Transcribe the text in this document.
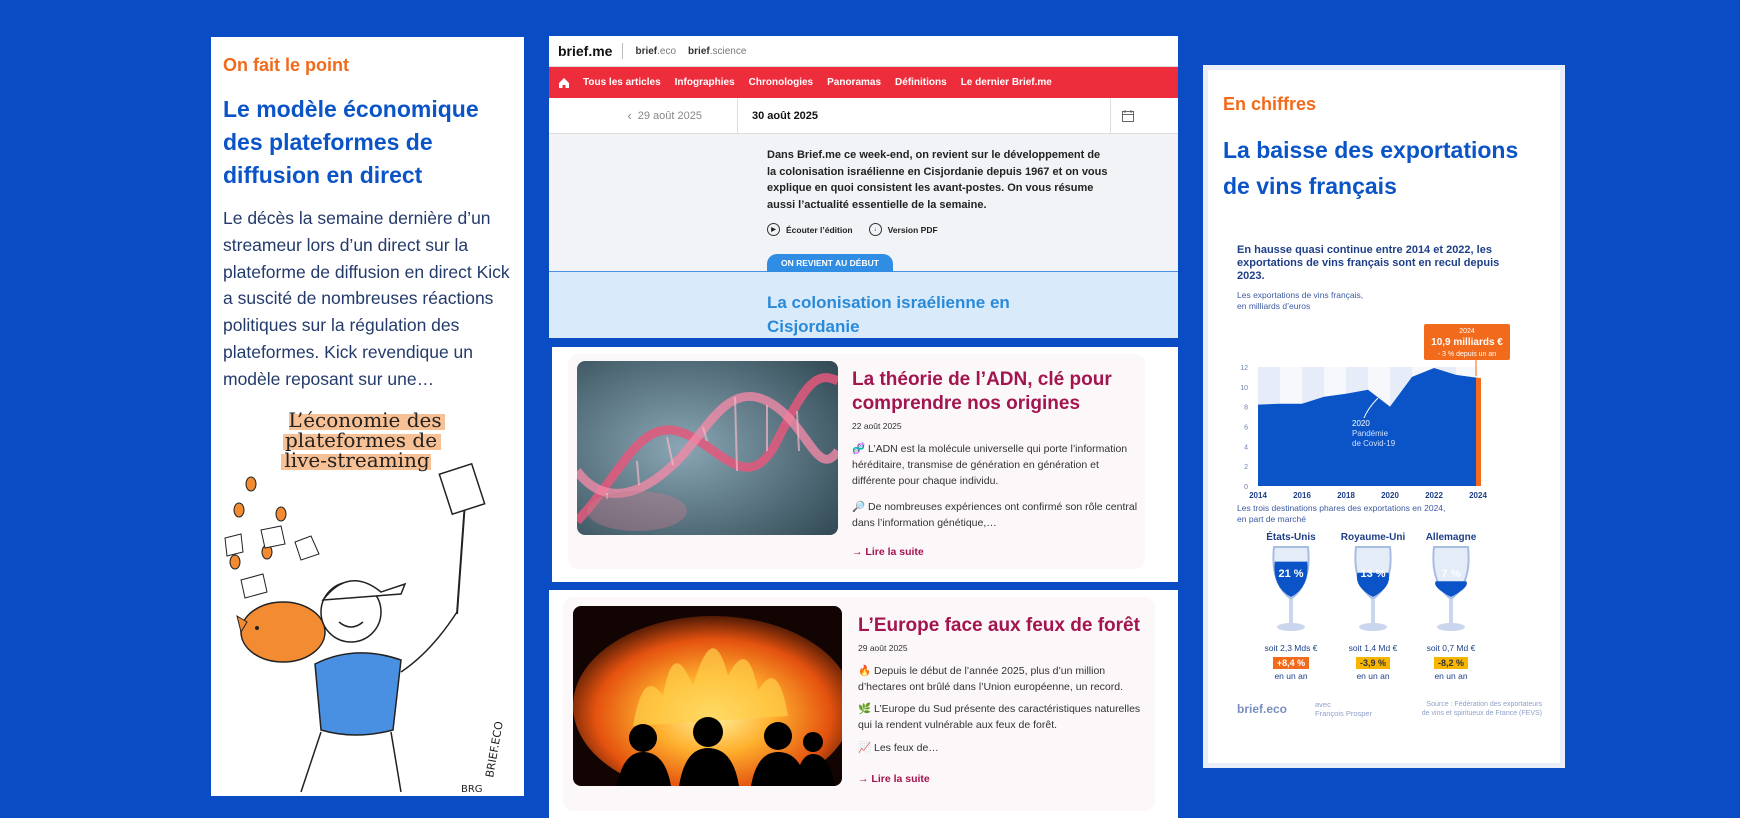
On fait le point
Le modèle économique des plateformes de diffusion en direct
Le décès la semaine dernière d’un streameur lors d’un direct sur la plateforme de diffusion en direct Kick a suscité de nombreuses réactions politiques sur la régulation des plateformes. Kick revendique un modèle reposant sur une…
L’économie des
plateformes de
live-streaming
BRIEF.ECO
BRG
brief.me	brief.eco brief.science
Tous les articles Infographies Chronologies Panoramas Définitions Le dernier Brief.me
‹ 29 août 2025	30 août 2025
Dans Brief.me ce week-end, on revient sur le développement de la colonisation israélienne en Cisjordanie depuis 1967 et on vous explique en quoi consistent les avant-postes. On vous résume aussi l’actualité essentielle de la semaine.
▶	Écouter l’édition	↓	Version PDF
ON REVIENT AU DÉBUT
La colonisation israélienne en Cisjordanie
La théorie de l’ADN, clé pour comprendre nos origines
22 août 2025
🧬 L’ADN est la molécule universelle qui porte l’information héréditaire, transmise de génération en génération et différente pour chaque individu.
🔎 De nombreuses expériences ont confirmé son rôle central dans l’information génétique,…
→ Lire la suite
L’Europe face aux feux de forêt
29 août 2025
🔥 Depuis le début de l’année 2025, plus d’un million d’hectares ont brûlé dans l’Union européenne, un record.
🌿 L’Europe du Sud présente des caractéristiques naturelles qui la rendent vulnérable aux feux de forêt.
📈 Les feux de…
→ Lire la suite
En chiffres
La baisse des exportations de vins français
En hausse quasi continue entre 2014 et 2022, les exportations de vins français sont en recul depuis 2023.
Les exportations de vins français,
en milliards d’euros
0
2
4
6
8
10
12
2014	2016	2018	2020	2022	2024
2020
Pandémie
de Covid-19
2024
10,9 milliards €
- 3 % depuis un an
Les trois destinations phares des exportations en 2024,
en part de marché
États-Unis
21 %
soit 2,3 Mds €
+8,4 %
en un an
Royaume-Uni
13 %
soit 1,4 Md €
-3,9 %
en un an
Allemagne
7 %
soit 0,7 Md €
-8,2 %
en un an
brief.eco	avec
François Prosper
Source : Fédération des exportateurs
de vins et spiritueux de France (FEVS)
